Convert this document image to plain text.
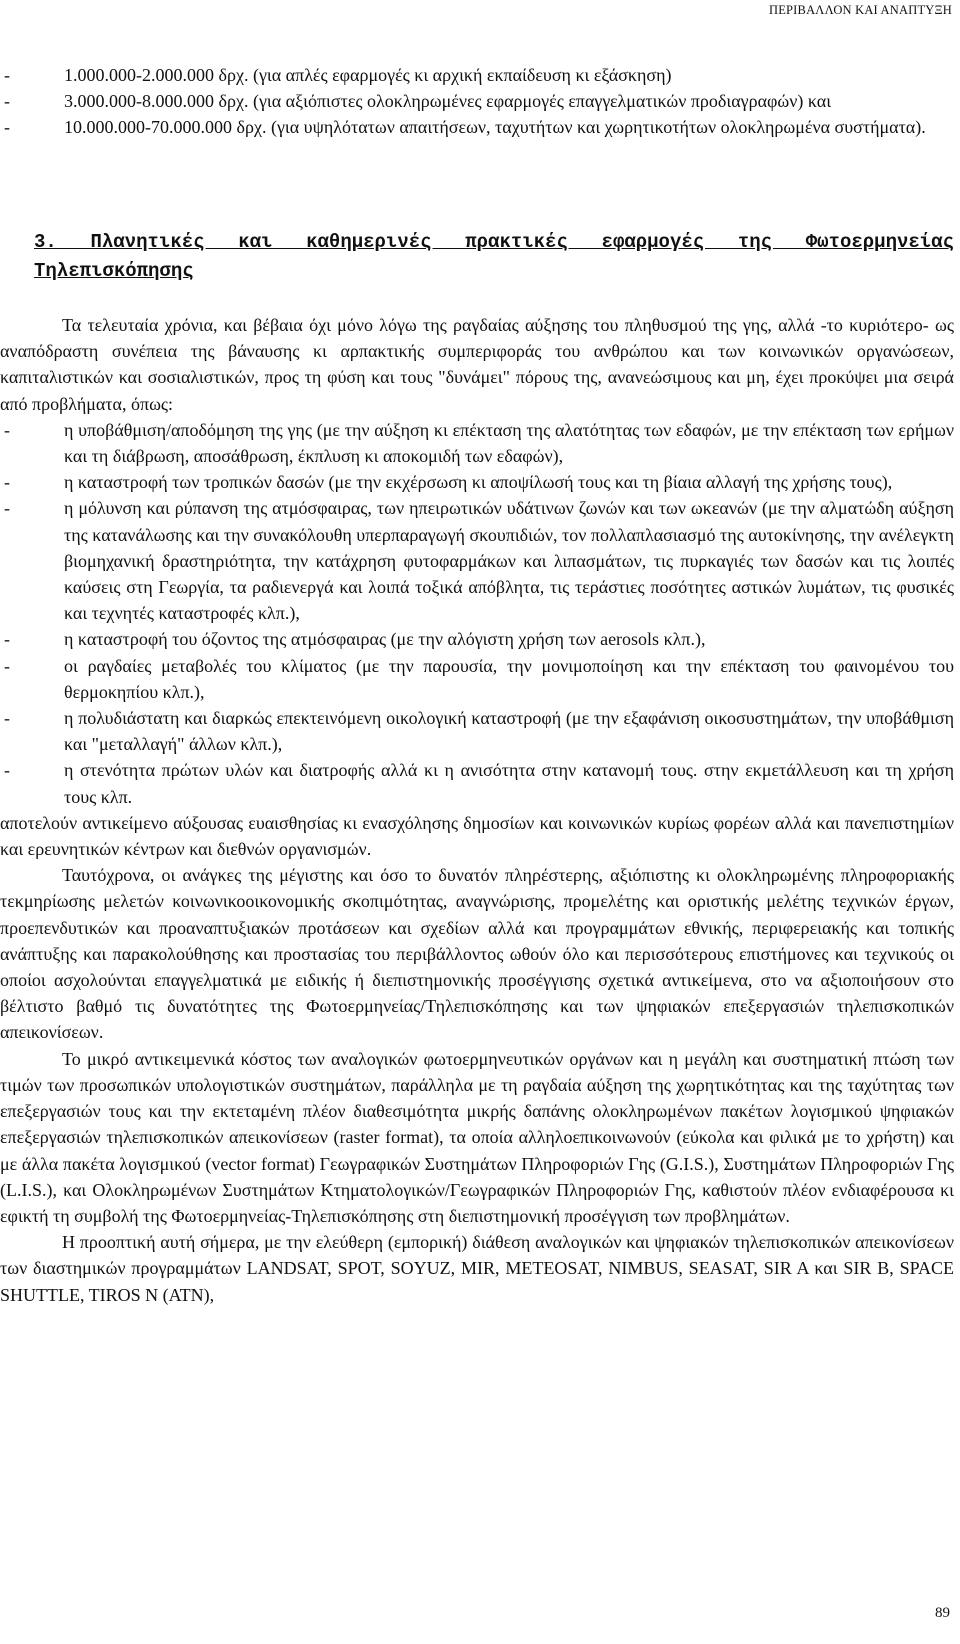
ΠΕΡΙΒΑΛΛΟΝ ΚΑΙ ΑΝΑΠΤΥΞΗ
-	1.000.000-2.000.000 δρχ. (για απλές εφαρμογές κι αρχική εκπαίδευση κι εξάσκηση)
-	3.000.000-8.000.000 δρχ. (για αξιόπιστες ολοκληρωμένες εφαρμογές επαγγελματικών προδιαγραφών) και
-	10.000.000-70.000.000 δρχ. (για υψηλότατων απαιτήσεων, ταχυτήτων και χωρητικοτήτων ολοκληρωμένα συστήματα).
3. Πλανητικές και καθημερινές πρακτικές εφαρμογές της Φωτοερμηνείας Τηλεπισκόπησης

Τα τελευταία χρόνια, και βέβαια όχι μόνο λόγω της ραγδαίας αύξησης του πληθυσμού της γης, αλλά -το κυριότερο- ως αναπόδραστη συνέπεια της βάναυσης κι αρπακτικής συμπεριφοράς του ανθρώπου και των κοινωνικών οργανώσεων, καπιταλιστικών και σοσιαλιστικών, προς τη φύση και τους "δυνάμει" πόρους της, ανανεώσιμους και μη, έχει προκύψει μια σειρά από προβλήματα, όπως:

-	η υποβάθμιση/αποδόμηση της γης (με την αύξηση κι επέκταση της αλατότητας των εδαφών, με την επέκταση των ερήμων και τη διάβρωση, αποσάθρωση, έκπλυση κι αποκομιδή των εδαφών),
-	η καταστροφή των τροπικών δασών (με την εκχέρσωση κι αποψίλωσή τους και τη βίαια αλλαγή της χρήσης τους),
-	η μόλυνση και ρύπανση της ατμόσφαιρας, των ηπειρωτικών υδάτινων ζωνών και των ωκεανών (με την αλματώδη αύξηση της κατανάλωσης και την συνακόλουθη υπερπαραγωγή σκουπιδιών, τον πολλαπλασιασμό της αυτοκίνησης, την ανέλεγκτη βιομηχανική δραστηριότητα, την κατάχρηση φυτοφαρμάκων και λιπασμάτων, τις πυρκαγιές των δασών και τις λοιπές καύσεις στη Γεωργία, τα ραδιενεργά και λοιπά τοξικά απόβλητα, τις τεράστιες ποσότητες αστικών λυμάτων, τις φυσικές και τεχνητές καταστροφές κλπ.),
-	η καταστροφή του όζοντος της ατμόσφαιρας (με την αλόγιστη χρήση των aerosols κλπ.),
-	οι ραγδαίες μεταβολές του κλίματος (με την παρουσία, την μονιμοποίηση και την επέκταση του φαινομένου του θερμοκηπίου κλπ.),
-	η πολυδιάστατη και διαρκώς επεκτεινόμενη οικολογική καταστροφή (με την εξαφάνιση οικοσυστημάτων, την υποβάθμιση και "μεταλλαγή" άλλων κλπ.),
-	η στενότητα πρώτων υλών και διατροφής αλλά κι η ανισότητα στην κατανομή τους. στην εκμετάλλευση και τη χρήση τους κλπ.

αποτελούν αντικείμενο αύξουσας ευαισθησίας κι ενασχόλησης δημοσίων και κοινωνικών κυρίως φορέων αλλά και πανεπιστημίων και ερευνητικών κέντρων και διεθνών οργανισμών.

Ταυτόχρονα, οι ανάγκες της μέγιστης και όσο το δυνατόν πληρέστερης, αξιόπιστης κι ολοκληρωμένης πληροφοριακής τεκμηρίωσης μελετών κοινωνικοοικονομικής σκοπιμότητας, αναγνώρισης, προμελέτης και οριστικής μελέτης τεχνικών έργων, προεπενδυτικών και προαναπτυξιακών προτάσεων και σχεδίων αλλά και προγραμμάτων εθνικής, περιφερειακής και τοπικής ανάπτυξης και παρακολούθησης και προστασίας του περιβάλλοντος ωθούν όλο και περισσότερους επιστήμονες και τεχνικούς οι οποίοι ασχολούνται επαγγελματικά με ειδικής ή διεπιστημονικής προσέγγισης σχετικά αντικείμενα, στο να αξιοποιήσουν στο βέλτιστο βαθμό τις δυνατότητες της Φωτοερμηνείας/Τηλεπισκόπησης και των ψηφιακών επεξεργασιών τηλεπισκοπικών απεικονίσεων.

Το μικρό αντικειμενικά κόστος των αναλογικών φωτοερμηνευτικών οργάνων και η μεγάλη και συστηματική πτώση των τιμών των προσωπικών υπολογιστικών συστημάτων, παράλληλα με τη ραγδαία αύξηση της χωρητικότητας και της ταχύτητας των επεξεργασιών τους και την εκτεταμένη πλέον διαθεσιμότητα μικρής δαπάνης ολοκληρωμένων πακέτων λογισμικού ψηφιακών επεξεργασιών τηλεπισκοπικών απεικονίσεων (raster format), τα οποία αλληλοεπικοινωνούν (εύκολα και φιλικά με το χρήστη) και με άλλα πακέτα λογισμικού (vector format) Γεωγραφικών Συστημάτων Πληροφοριών Γης (G.I.S.), Συστημάτων Πληροφοριών Γης (L.I.S.), και Ολοκληρωμένων Συστημάτων Κτηματολογικών/Γεωγραφικών Πληροφοριών Γης, καθιστούν πλέον ενδιαφέρουσα κι εφικτή τη συμβολή της Φωτοερμηνείας-Τηλεπισκόπησης στη διεπιστημονική προσέγγιση των προβλημάτων.

Η προοπτική αυτή σήμερα, με την ελεύθερη (εμπορική) διάθεση αναλογικών και ψηφιακών τηλεπισκοπικών απεικονίσεων των διαστημικών προγραμμάτων LANDSAT, SPOT, SOYUZ, MIR, METEOSAT, NIMBUS, SEASAT, SIR A και SIR B, SPACE SHUTTLE, TIROS N (ATN),

89
